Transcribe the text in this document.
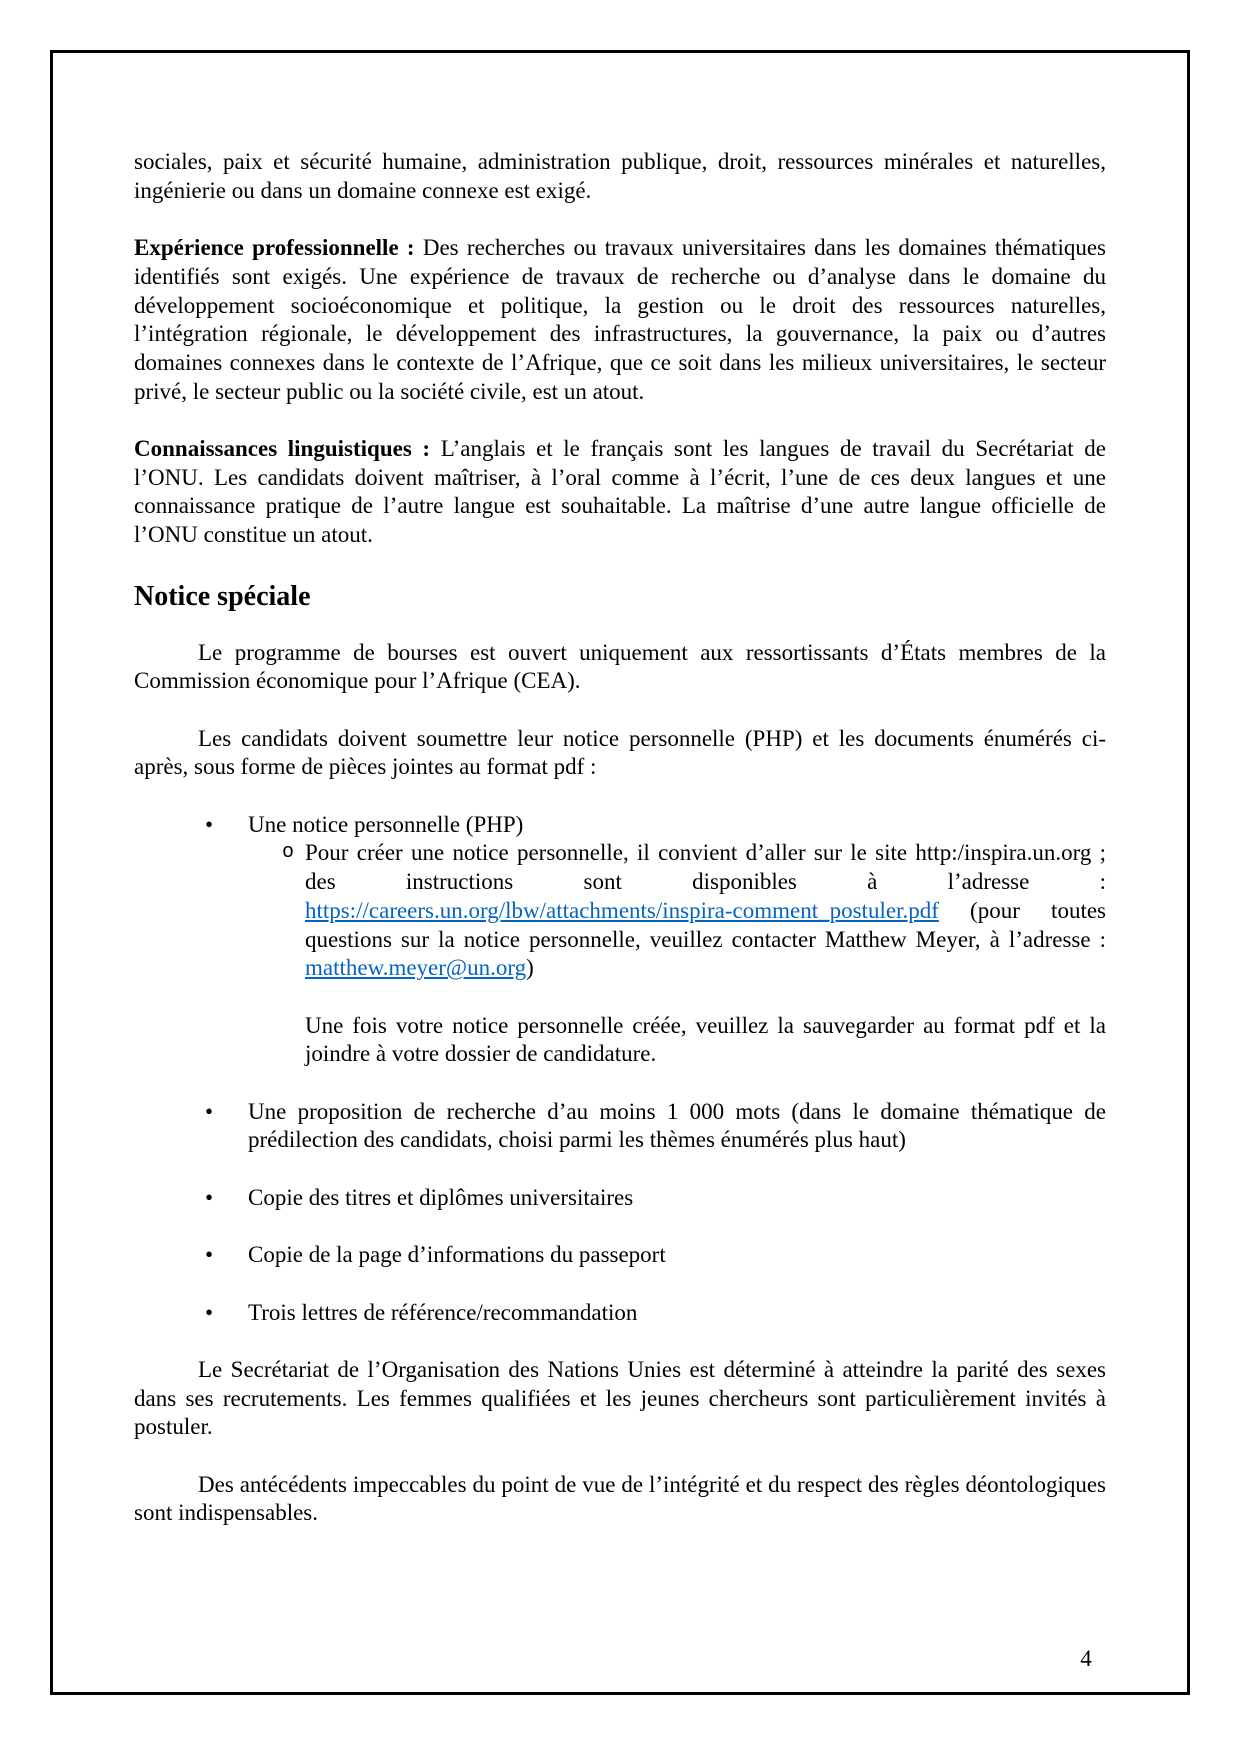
sociales, paix et sécurité humaine, administration publique, droit, ressources minérales et naturelles, ingénierie ou dans un domaine connexe est exigé.

Expérience professionnelle : Des recherches ou travaux universitaires dans les domaines thématiques identifiés sont exigés. Une expérience de travaux de recherche ou d’analyse dans le domaine du développement socioéconomique et politique, la gestion ou le droit des ressources naturelles, l’intégration régionale, le développement des infrastructures, la gouvernance, la paix ou d’autres domaines connexes dans le contexte de l’Afrique, que ce soit dans les milieux universitaires, le secteur privé, le secteur public ou la société civile, est un atout.

Connaissances linguistiques : L’anglais et le français sont les langues de travail du Secrétariat de l’ONU. Les candidats doivent maîtriser, à l’oral comme à l’écrit, l’une de ces deux langues et une connaissance pratique de l’autre langue est souhaitable. La maîtrise d’une autre langue officielle de l’ONU constitue un atout.

Notice spéciale

Le programme de bourses est ouvert uniquement aux ressortissants d’États membres de la Commission économique pour l’Afrique (CEA).

Les candidats doivent soumettre leur notice personnelle (PHP) et les documents énumérés ci-après, sous forme de pièces jointes au format pdf :

• Une notice personnelle (PHP)
o Pour créer une notice personnelle, il convient d’aller sur le site http:/inspira.un.org ; des instructions sont disponibles à l’adresse : https://careers.un.org/lbw/attachments/inspira-comment_postuler.pdf (pour toutes questions sur la notice personnelle, veuillez contacter Matthew Meyer, à l’adresse : matthew.meyer@un.org)
Une fois votre notice personnelle créée, veuillez la sauvegarder au format pdf et la joindre à votre dossier de candidature.
• Une proposition de recherche d’au moins 1 000 mots (dans le domaine thématique de prédilection des candidats, choisi parmi les thèmes énumérés plus haut)
• Copie des titres et diplômes universitaires
• Copie de la page d’informations du passeport
• Trois lettres de référence/recommandation

Le Secrétariat de l’Organisation des Nations Unies est déterminé à atteindre la parité des sexes dans ses recrutements. Les femmes qualifiées et les jeunes chercheurs sont particulièrement invités à postuler.

Des antécédents impeccables du point de vue de l’intégrité et du respect des règles déontologiques sont indispensables.

4
